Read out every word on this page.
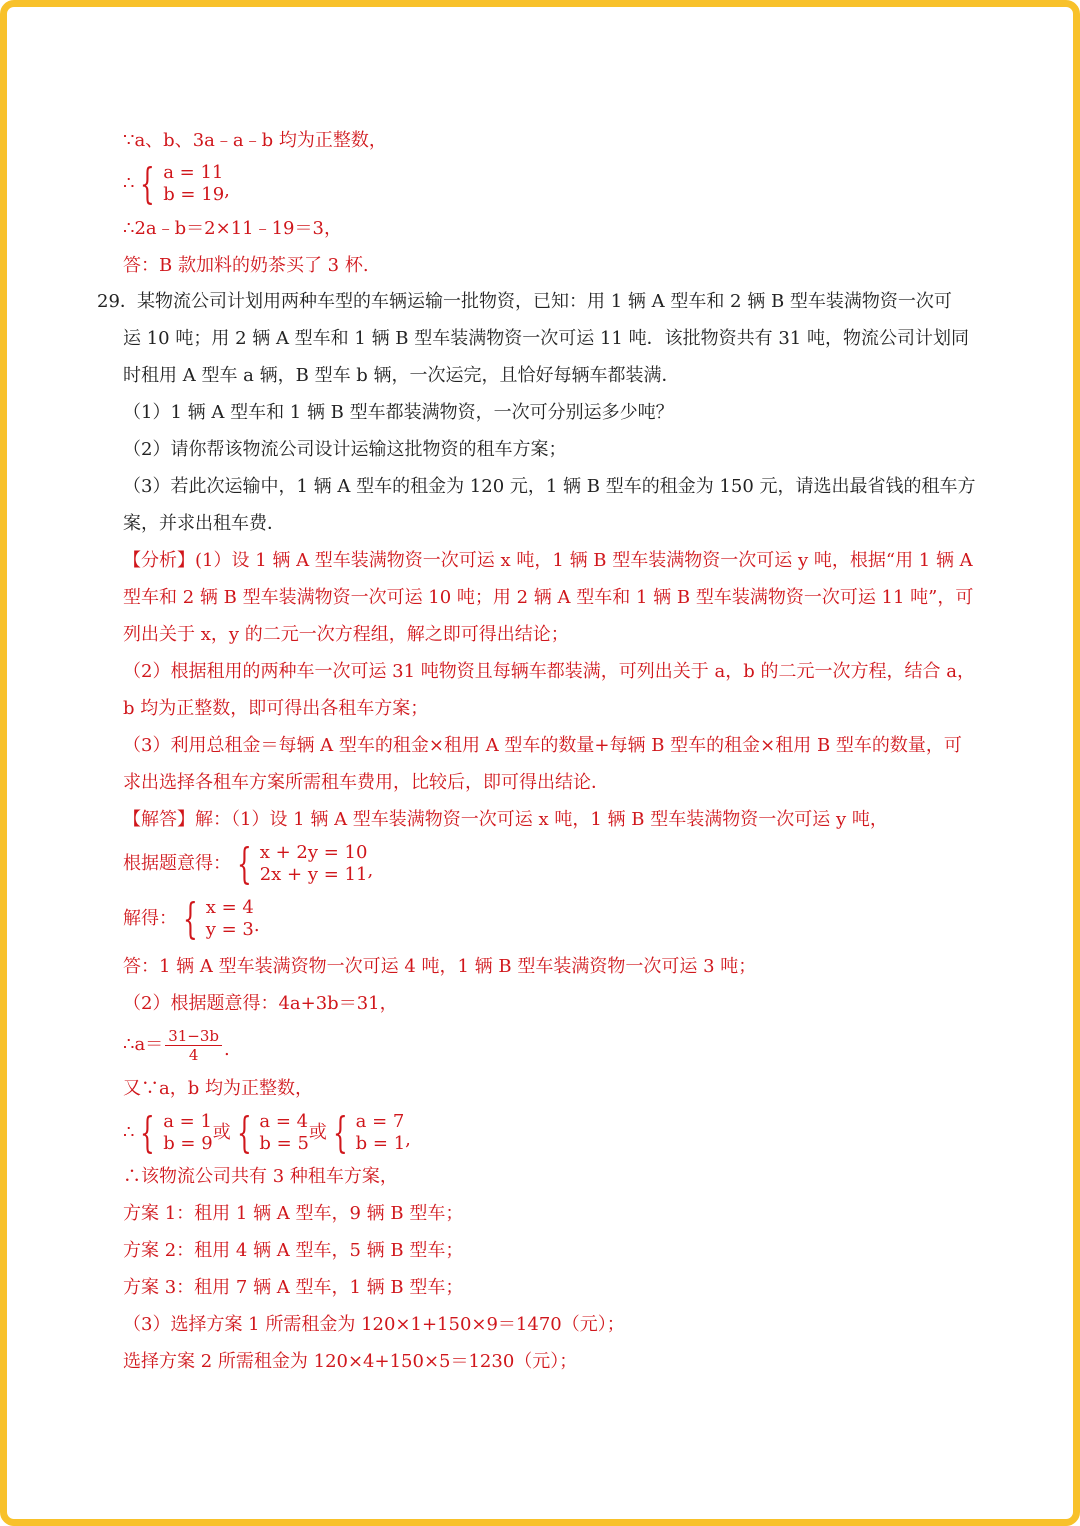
∵a、b、3a﹣a﹣b 均为正整数，
∴ { a = 11
b = 19 ,
∴2a﹣b＝2×11﹣19＝3，
答：B 款加料的奶茶买了 3 杯.
29． 某物流公司计划用两种车型的车辆运输一批物资，已知：用 1 辆 A 型车和 2 辆 B 型车装满物资一次可
运 10 吨；用 2 辆 A 型车和 1 辆 B 型车装满物资一次可运 11 吨．该批物资共有 31 吨，物流公司计划同
时租用 A 型车 a 辆，B 型车 b 辆，一次运完，且恰好每辆车都装满．
（1）1 辆 A 型车和 1 辆 B 型车都装满物资，一次可分别运多少吨？
（2）请你帮该物流公司设计运输这批物资的租车方案；
（3）若此次运输中，1 辆 A 型车的租金为 120 元，1 辆 B 型车的租金为 150 元，请选出最省钱的租车方
案，并求出租车费．
【分析】(1）设 1 辆 A 型车装满物资一次可运 x 吨，1 辆 B 型车装满物资一次可运 y 吨，根据“用 1 辆 A
型车和 2 辆 B 型车装满物资一次可运 10 吨；用 2 辆 A 型车和 1 辆 B 型车装满物资一次可运 11 吨”，可
列出关于 x，y 的二元一次方程组，解之即可得出结论；
（2）根据租用的两种车一次可运 31 吨物资且每辆车都装满，可列出关于 a，b 的二元一次方程，结合 a，
b 均为正整数，即可得出各租车方案；
（3）利用总租金＝每辆 A 型车的租金×租用 A 型车的数量+每辆 B 型车的租金×租用 B 型车的数量，可
求出选择各租车方案所需租车费用，比较后，即可得出结论．
【解答】解：（1）设 1 辆 A 型车装满物资一次可运 x 吨，1 辆 B 型车装满物资一次可运 y 吨，
根据题意得： { x + 2y = 10
2x + y = 11 ,
解得： { x = 4
y = 3 .
答：1 辆 A 型车装满资物一次可运 4 吨，1 辆 B 型车装满资物一次可运 3 吨；
（2）根据题意得：4a+3b＝31，
∴a＝ $\frac{31-3b}{4}$ .
又∵a，b 均为正整数，
∴ { a = 1
b = 9
或 { a = 4
b = 5
或 { a = 7
b = 1 ,
∴该物流公司共有 3 种租车方案，
方案 1：租用 1 辆 A 型车，9 辆 B 型车；
方案 2：租用 4 辆 A 型车，5 辆 B 型车；
方案 3：租用 7 辆 A 型车，1 辆 B 型车；
（3）选择方案 1 所需租金为 120×1+150×9＝1470（元）；
选择方案 2 所需租金为 120×4+150×5＝1230（元）；
